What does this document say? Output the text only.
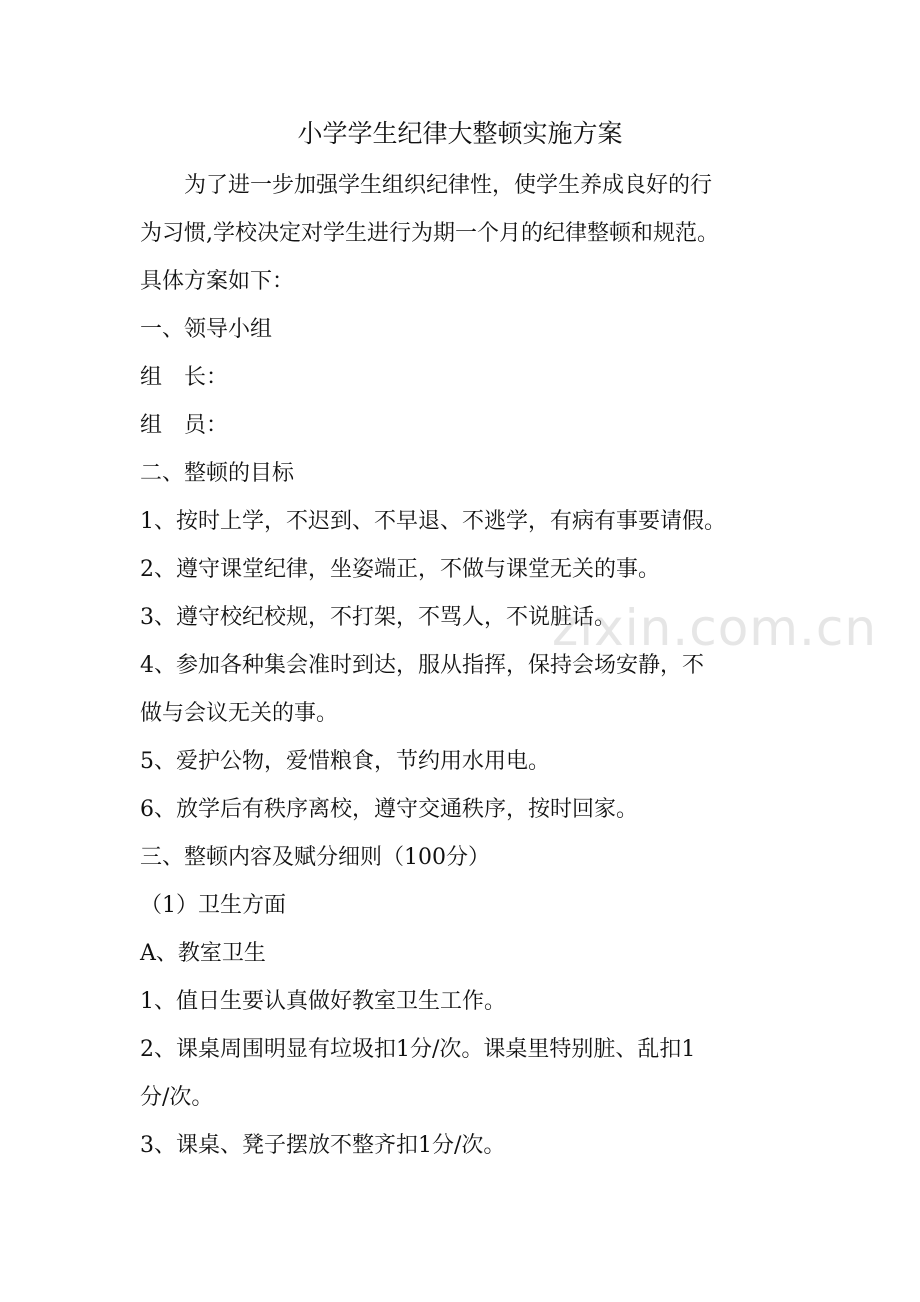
zixin.com.cn
小学学生纪律大整顿实施方案
为了进一步加强学生组织纪律性，使学生养成良好的行
为习惯,学校决定对学生进行为期一个月的纪律整顿和规范。
具体方案如下：
一、领导小组
组　长：
组　员：
二、整顿的目标
1、按时上学，不迟到、不早退、不逃学，有病有事要请假。
2、遵守课堂纪律，坐姿端正，不做与课堂无关的事。
3、遵守校纪校规，不打架，不骂人，不说脏话。
4、参加各种集会准时到达，服从指挥，保持会场安静，不
做与会议无关的事。
5、爱护公物，爱惜粮食，节约用水用电。
6、放学后有秩序离校，遵守交通秩序，按时回家。
三、整顿内容及赋分细则（100分）
（1）卫生方面
A、教室卫生
1、值日生要认真做好教室卫生工作。
2、课桌周围明显有垃圾扣1分/次。课桌里特别脏、乱扣1
分/次。
3、课桌、凳子摆放不整齐扣1分/次。
